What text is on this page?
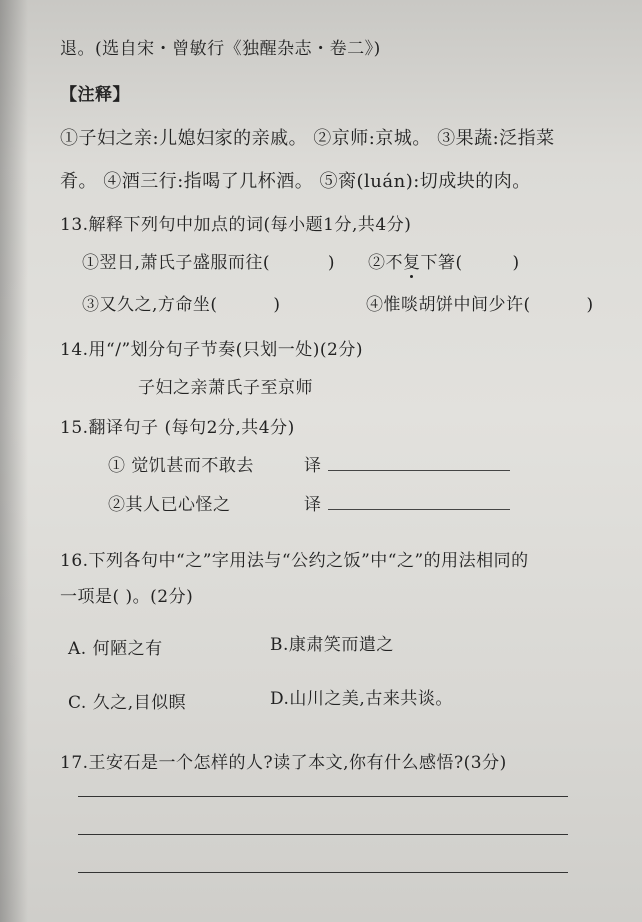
退。(选自宋・曾敏行《独醒杂志・卷二》)
【注释】
①子妇之亲:儿媳妇家的亲戚。 ②京师:京城。 ③果蔬:泛指菜
肴。 ④酒三行:指喝了几杯酒。 ⑤脔(luán):切成块的肉。
13.解释下列句中加点的词(每小题1分,共4分)
①翌日,萧氏子盛服而往(	) ②不复下箸(	)
③又久之,方命坐(	)	④惟啖胡饼中间少许(	)
14.用“/”划分句子节奏(只划一处)(2分)
子妇之亲萧氏子至京师
15.翻译句子 (每句2分,共4分)
① 觉饥甚而不敢去	译
②其人已心怪之	译
16.下列各句中“之”字用法与“公约之饭”中“之”的用法相同的
一项是( )。(2分)
A. 何陋之有	B.康肃笑而遣之
C. 久之,目似瞑	D.山川之美,古来共谈。
17.王安石是一个怎样的人?读了本文,你有什么感悟?(3分)
